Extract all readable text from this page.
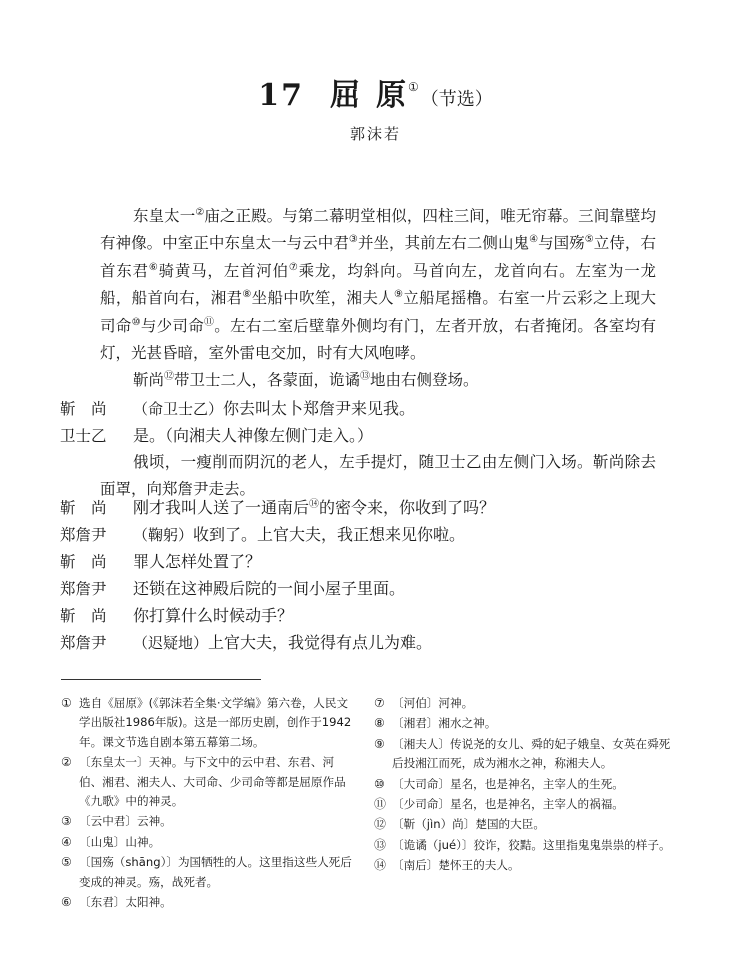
17 屈 原①（节选）
郭沫若
东皇太一②庙之正殿。与第二幕明堂相似，四柱三间，唯无帘幕。三间靠壁均有神像。中室正中东皇太一与云中君③并坐，其前左右二侧山鬼④与国殇⑤立侍，右首东君⑥骑黄马，左首河伯⑦乘龙，均斜向。马首向左，龙首向右。左室为一龙船，船首向右，湘君⑧坐船中吹笙，湘夫人⑨立船尾摇橹。右室一片云彩之上现大司命⑩与少司命⑪。左右二室后壁靠外侧均有门，左者开放，右者掩闭。各室均有灯，光甚昏暗，室外雷电交加，时有大风咆哮。
靳尚⑫带卫士二人，各蒙面，诡谲⑬地由右侧登场。
靳　尚 （命卫士乙）你去叫太卜郑詹尹来见我。
卫士乙 是。（向湘夫人神像左侧门走入。）
俄顷，一瘦削而阴沉的老人，左手提灯，随卫士乙由左侧门入场。靳尚除去面罩，向郑詹尹走去。
靳　尚 刚才我叫人送了一通南后⑭的密令来，你收到了吗？
郑詹尹 （鞠躬）收到了。上官大夫，我正想来见你啦。
靳　尚 罪人怎样处置了？
郑詹尹 还锁在这神殿后院的一间小屋子里面。
靳　尚 你打算什么时候动手？
郑詹尹 （迟疑地）上官大夫，我觉得有点儿为难。
① 选自《屈原》(《郭沫若全集·文学编》第六卷，人民文学出版社1986年版)。这是一部历史剧，创作于1942年。课文节选自剧本第五幕第二场。
② 〔东皇太一〕天神。与下文中的云中君、东君、河伯、湘君、湘夫人、大司命、少司命等都是屈原作品《九歌》中的神灵。
③ 〔云中君〕云神。
④ 〔山鬼〕山神。
⑤ 〔国殇（shāng）〕为国牺牲的人。这里指这些人死后变成的神灵。殇，战死者。
⑥ 〔东君〕太阳神。
⑦ 〔河伯〕河神。
⑧ 〔湘君〕湘水之神。
⑨ 〔湘夫人〕传说尧的女儿、舜的妃子娥皇、女英在舜死后投湘江而死，成为湘水之神，称湘夫人。
⑩ 〔大司命〕星名，也是神名，主宰人的生死。
⑪ 〔少司命〕星名，也是神名，主宰人的祸福。
⑫ 〔靳（jìn）尚〕楚国的大臣。
⑬ 〔诡谲（jué）〕狡诈，狡黠。这里指鬼鬼祟祟的样子。
⑭ 〔南后〕楚怀王的夫人。
